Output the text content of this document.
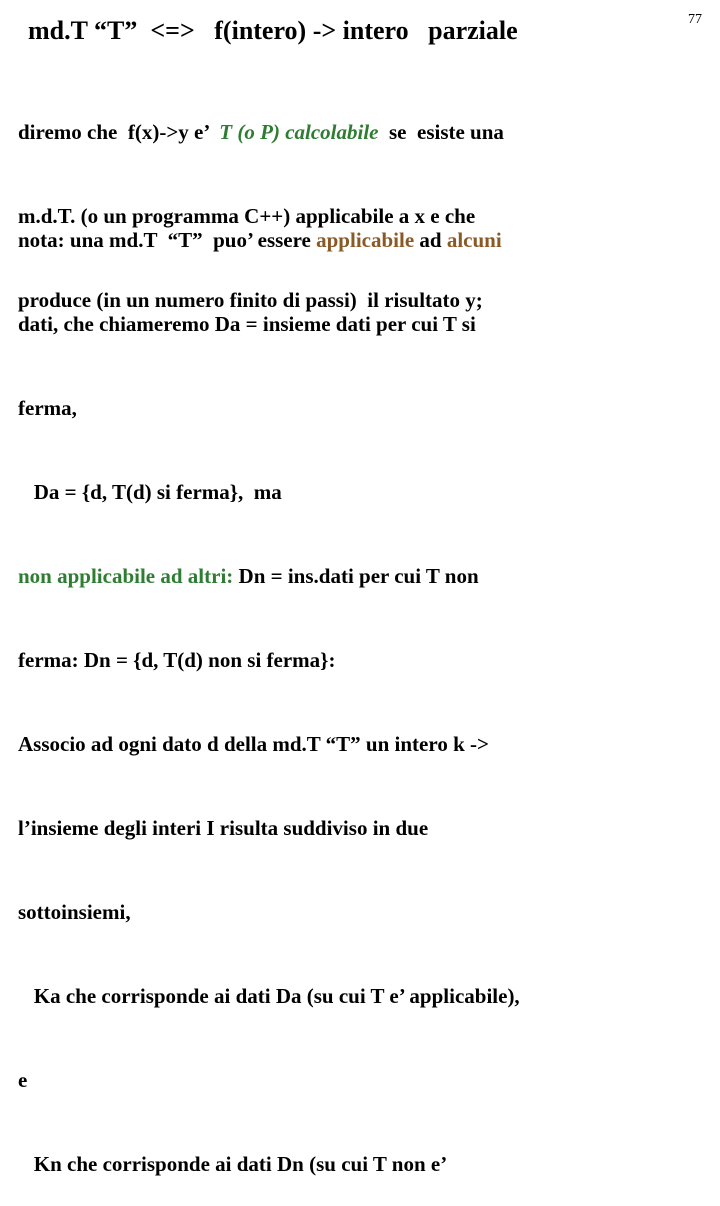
md.T “T”  <=>   f(intero) -> intero   parziale	77

diremo che  f(x)->y e’  T (o P) calcolabile  se  esiste una

m.d.T. (o un programma C++) applicabile a x e che

produce (in un numero finito di passi)  il risultato y;

nota: una md.T  “T”  puo’ essere applicabile ad alcuni

dati, che chiameremo Da = insieme dati per cui T si

ferma,

Da = {d, T(d) si ferma},  ma

non applicabile ad altri: Dn = ins.dati per cui T non

ferma: Dn = {d, T(d) non si ferma}:

Associo ad ogni dato d della md.T “T” un intero k ->

l’insieme degli interi I risulta suddiviso in due

sottoinsiemi,

Ka che corrisponde ai dati Da (su cui T e’ applicabile),

e

Kn che corrisponde ai dati Dn (su cui T non e’
